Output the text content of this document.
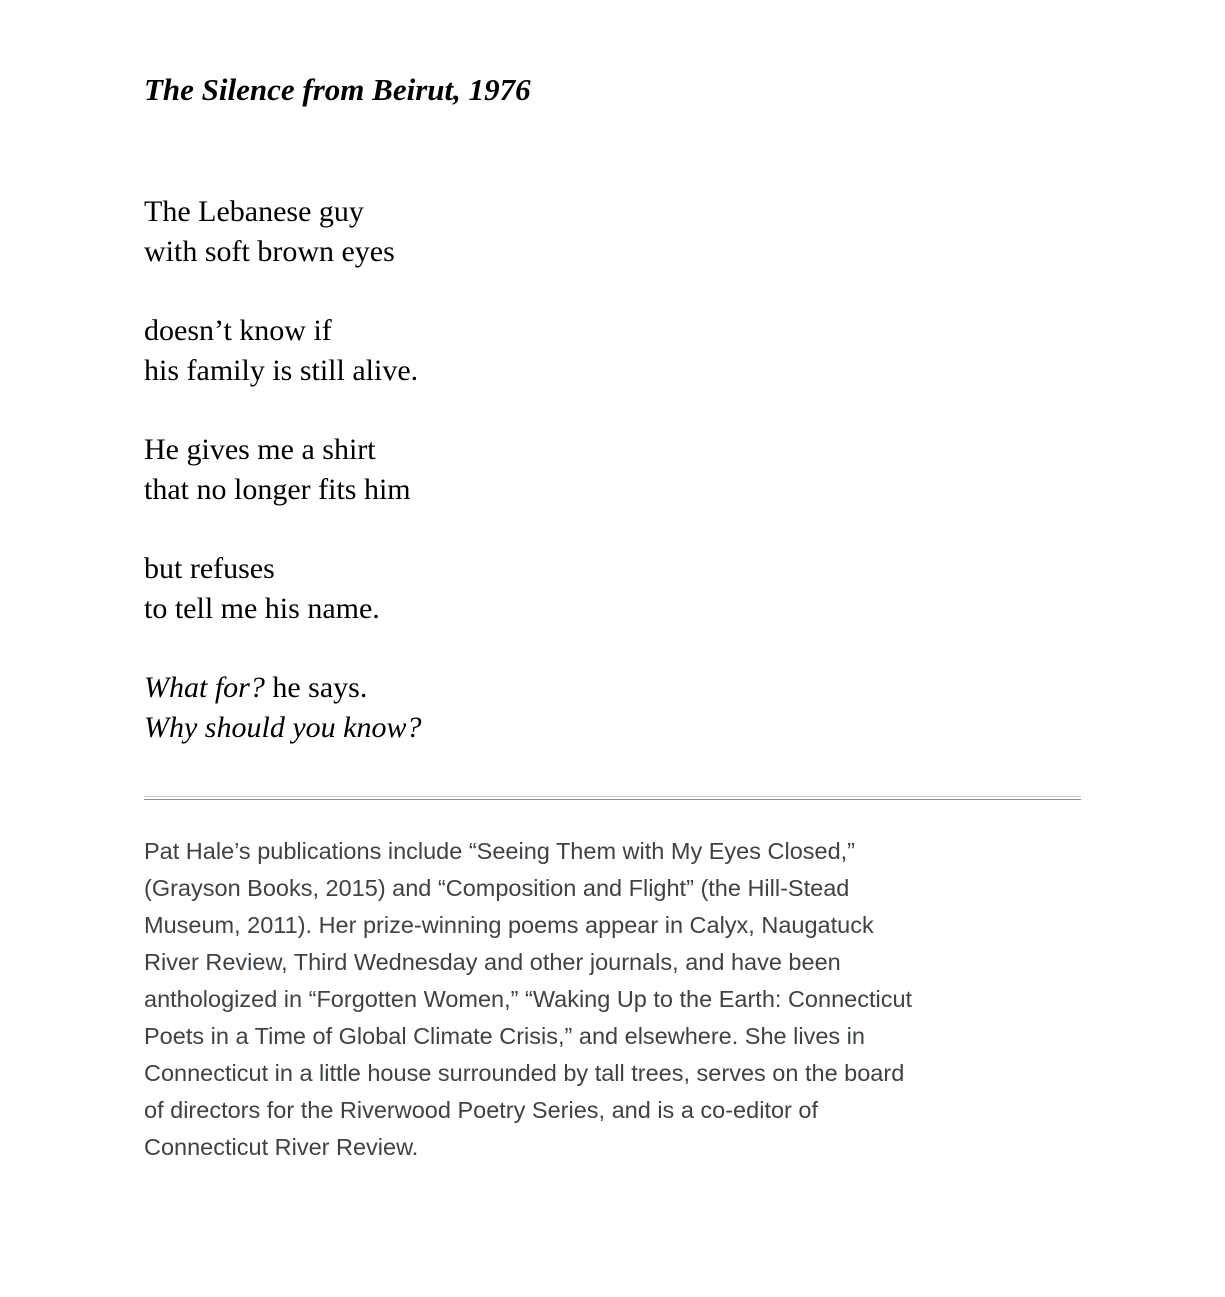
The Silence from Beirut, 1976
The Lebanese guy
with soft brown eyes
doesn’t know if
his family is still alive.
He gives me a shirt
that no longer fits him
but refuses
to tell me his name.
What for? he says.
Why should you know?
Pat Hale’s publications include “Seeing Them with My Eyes Closed,”
(Grayson Books, 2015) and “Composition and Flight” (the Hill-Stead
Museum, 2011). Her prize-winning poems appear in Calyx, Naugatuck
River Review, Third Wednesday and other journals, and have been
anthologized in “Forgotten Women,” “Waking Up to the Earth: Connecticut
Poets in a Time of Global Climate Crisis,” and elsewhere. She lives in
Connecticut in a little house surrounded by tall trees, serves on the board
of directors for the Riverwood Poetry Series, and is a co-editor of
Connecticut River Review.
